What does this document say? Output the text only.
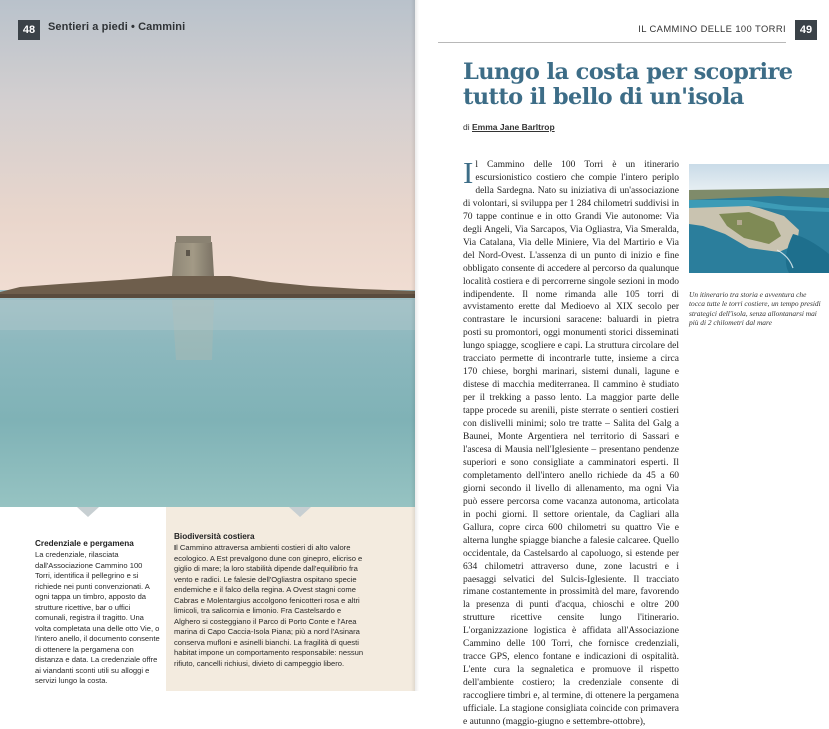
48	Sentieri a piedi • Cammini
Credenziale e pergamena
La credenziale, rilasciata dall'Associazione Cammino 100 Torri, identifica il pellegrino e si richiede nei punti convenzionati. A ogni tappa un timbro, apposto da strutture ricettive, bar o uffici comunali, registra il tragitto. Una volta completata una delle otto Vie, o l'intero anello, il documento consente di ottenere la pergamena con distanza e data. La credenziale offre ai viandanti sconti utili su alloggi e servizi lungo la costa.
Biodiversità costiera
Il Cammino attraversa ambienti costieri di alto valore ecologico. A Est prevalgono dune con ginepro, elicriso e giglio di mare; la loro stabilità dipende dall'equilibrio fra vento e radici. Le falesie dell'Ogliastra ospitano specie endemiche e il falco della regina. A Ovest stagni come Cabras e Molentargius accolgono fenicotteri rosa e altri limicoli, tra salicornia e limonio. Fra Castelsardo e Alghero si costeggiano il Parco di Porto Conte e l'Area marina di Capo Caccia-Isola Piana; più a nord l'Asinara conserva mufloni e asinelli bianchi. La fragilità di questi habitat impone un comportamento responsabile: nessun rifiuto, cancelli richiusi, divieto di campeggio libero.
IL CAMMINO DELLE 100 TORRI	49
Lungo la costa per scoprire tutto il bello di un'isola
di Emma Jane Barltrop
Il Cammino delle 100 Torri è un itinerario escursionistico costiero che compie l'intero periplo della Sardegna. Nato su iniziativa di un'associazione di volontari, si sviluppa per 1 284 chilometri suddivisi in 70 tappe continue e in otto Grandi Vie autonome: Via degli Angeli, Via Sarcapos, Via Ogliastra, Via Smeralda, Via Catalana, Via delle Miniere, Via del Martirio e Via del Nord-Ovest. L'assenza di un punto di inizio e fine obbligato consente di accedere al percorso da qualunque località costiera e di percorrerne singole sezioni in modo indipendente. Il nome rimanda alle 105 torri di avvistamento erette dal Medioevo al XIX secolo per contrastare le incursioni saracene: baluardi in pietra posti su promontori, oggi monumenti storici disseminati lungo spiagge, scogliere e capi. La struttura circolare del tracciato permette di incontrarle tutte, insieme a circa 170 chiese, borghi marinari, sistemi dunali, lagune e distese di macchia mediterranea. Il cammino è studiato per il trekking a passo lento. La maggior parte delle tappe procede su arenili, piste sterrate o sentieri costieri con dislivelli minimi; solo tre tratte – Salita del Galg a Baunei, Monte Argentiera nel territorio di Sassari e l'ascesa di Mausia nell'Iglesiente – presentano pendenze superiori e sono consigliate a camminatori esperti. Il completamento dell'intero anello richiede da 45 a 60 giorni secondo il livello di allenamento, ma ogni Via può essere percorsa come vacanza autonoma, articolata in pochi giorni. Il settore orientale, da Cagliari alla Gallura, copre circa 600 chilometri su quattro Vie e alterna lunghe spiagge bianche a falesie calcaree. Quello occidentale, da Castelsardo al capoluogo, si estende per 634 chilometri attraverso dune, zone lacustri e i paesaggi selvatici del Sulcis-Iglesiente. Il tracciato rimane costantemente in prossimità del mare, favorendo la presenza di punti d'acqua, chioschi e oltre 200 strutture ricettive censite lungo l'itinerario. L'organizzazione logistica è affidata all'Associazione Cammino delle 100 Torri, che fornisce credenziali, tracce GPS, elenco fontane e indicazioni di ospitalità. L'ente cura la segnaletica e promuove il rispetto dell'ambiente costiero; la credenziale consente di raccogliere timbri e, al termine, di ottenere la pergamena ufficiale. La stagione consigliata coincide con primavera e autunno (maggio-giugno e settembre-ottobre),
Un itinerario tra storia e avventura che tocca tutte le torri costiere, un tempo presidi strategici dell'isola, senza allontanarsi mai più di 2 chilometri dal mare
